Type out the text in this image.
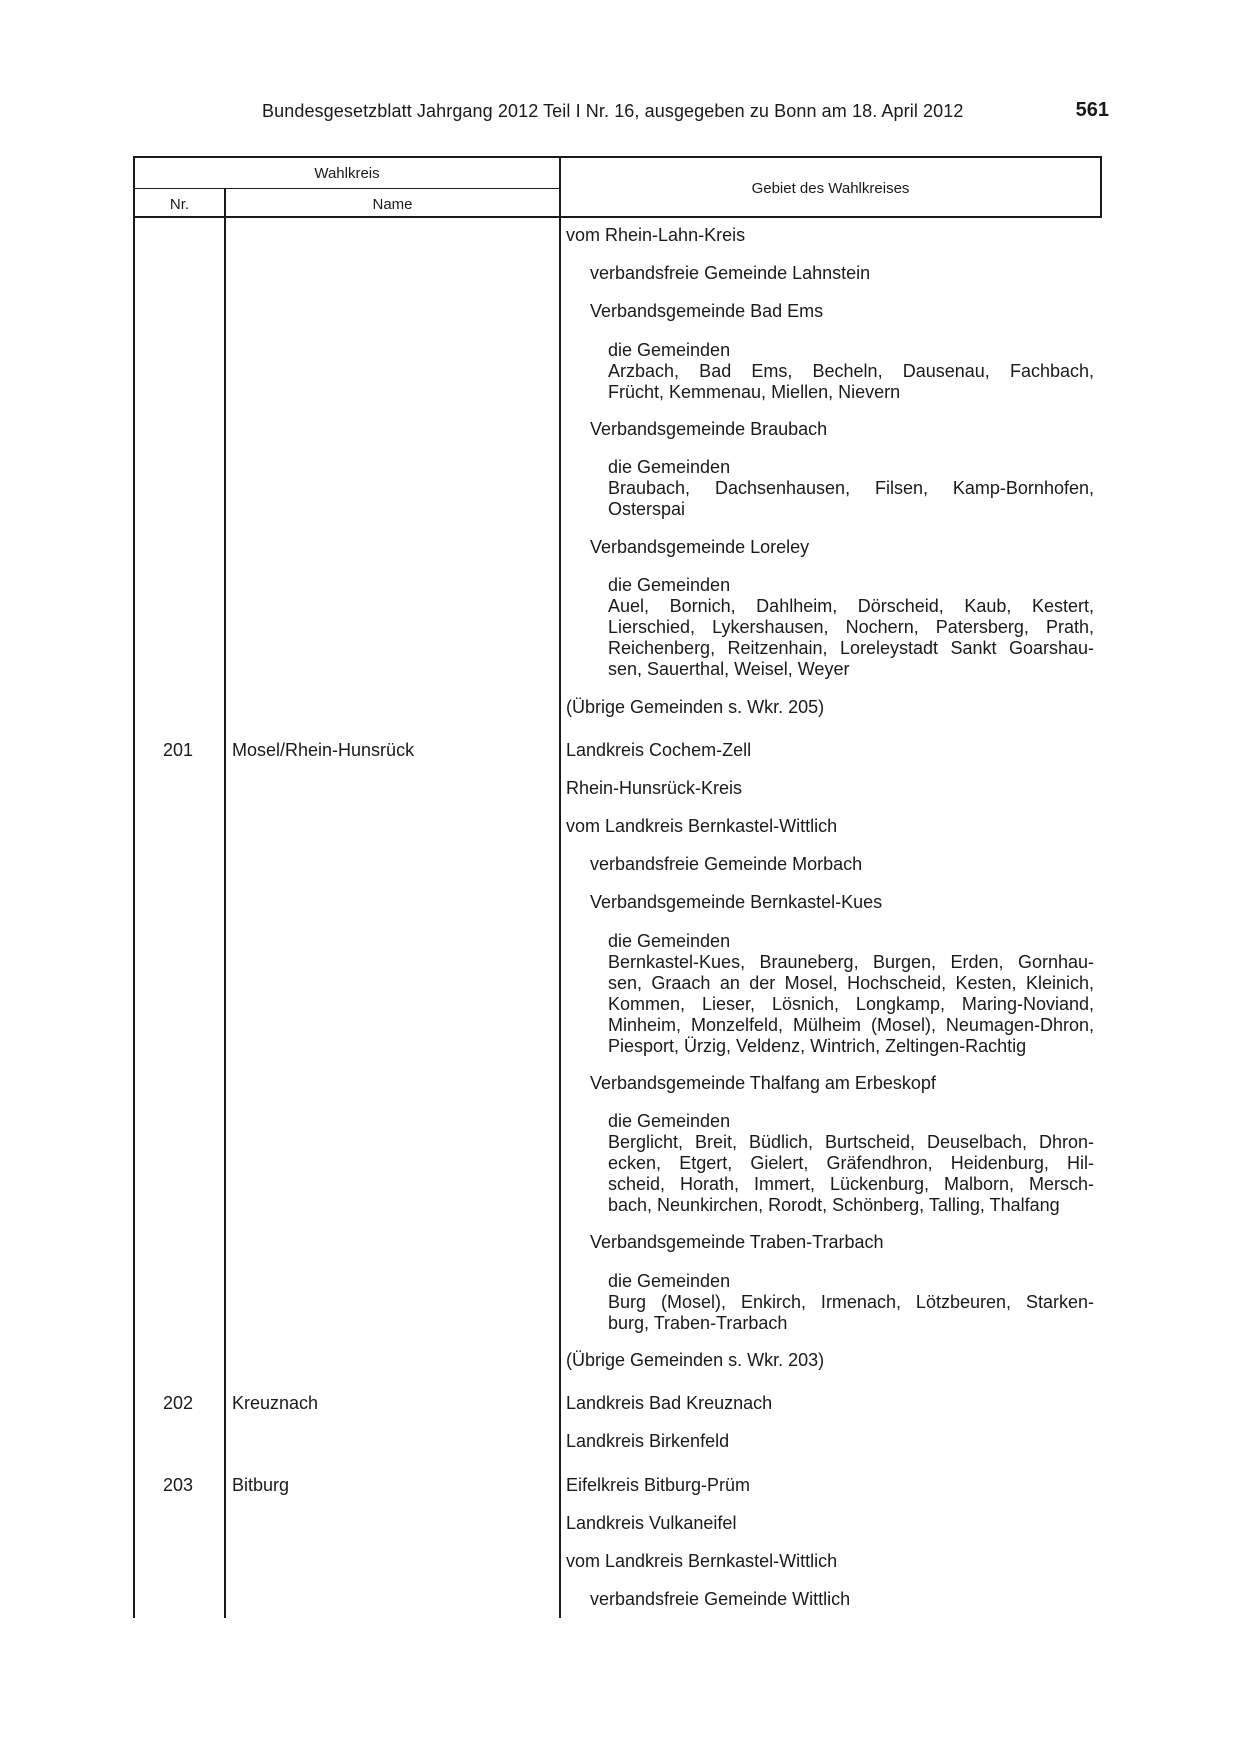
Bundesgesetzblatt Jahrgang 2012 Teil I Nr. 16, ausgegeben zu Bonn am 18. April 2012	561
Wahlkreis
Nr.	Name
Gebiet des Wahlkreises
201 Mosel/Rhein-Hunsrück
202 Kreuznach
203 Bitburg
vom Rhein-Lahn-Kreis
verbandsfreie Gemeinde Lahnstein
Verbandsgemeinde Bad Ems
die Gemeinden
Arzbach, Bad Ems, Becheln, Dausenau, Fachbach,
Frücht, Kemmenau, Miellen, Nievern
Verbandsgemeinde Braubach
die Gemeinden
Braubach, Dachsenhausen, Filsen, Kamp-Bornhofen,
Osterspai
Verbandsgemeinde Loreley
die Gemeinden
Auel, Bornich, Dahlheim, Dörscheid, Kaub, Kestert,
Lierschied, Lykershausen, Nochern, Patersberg, Prath,
Reichenberg, Reitzenhain, Loreleystadt Sankt Goarshau-
sen, Sauerthal, Weisel, Weyer
(Übrige Gemeinden s. Wkr. 205)
Landkreis Cochem-Zell
Rhein-Hunsrück-Kreis
vom Landkreis Bernkastel-Wittlich
verbandsfreie Gemeinde Morbach
Verbandsgemeinde Bernkastel-Kues
die Gemeinden
Bernkastel-Kues, Brauneberg, Burgen, Erden, Gornhau-
sen, Graach an der Mosel, Hochscheid, Kesten, Kleinich,
Kommen, Lieser, Lösnich, Longkamp, Maring-Noviand,
Minheim, Monzelfeld, Mülheim (Mosel), Neumagen-Dhron,
Piesport, Ürzig, Veldenz, Wintrich, Zeltingen-Rachtig
Verbandsgemeinde Thalfang am Erbeskopf
die Gemeinden
Berglicht, Breit, Büdlich, Burtscheid, Deuselbach, Dhron-
ecken, Etgert, Gielert, Gräfendhron, Heidenburg, Hil-
scheid, Horath, Immert, Lückenburg, Malborn, Mersch-
bach, Neunkirchen, Rorodt, Schönberg, Talling, Thalfang
Verbandsgemeinde Traben-Trarbach
die Gemeinden
Burg (Mosel), Enkirch, Irmenach, Lötzbeuren, Starken-
burg, Traben-Trarbach
(Übrige Gemeinden s. Wkr. 203)
Landkreis Bad Kreuznach
Landkreis Birkenfeld
Eifelkreis Bitburg-Prüm
Landkreis Vulkaneifel
vom Landkreis Bernkastel-Wittlich
verbandsfreie Gemeinde Wittlich
